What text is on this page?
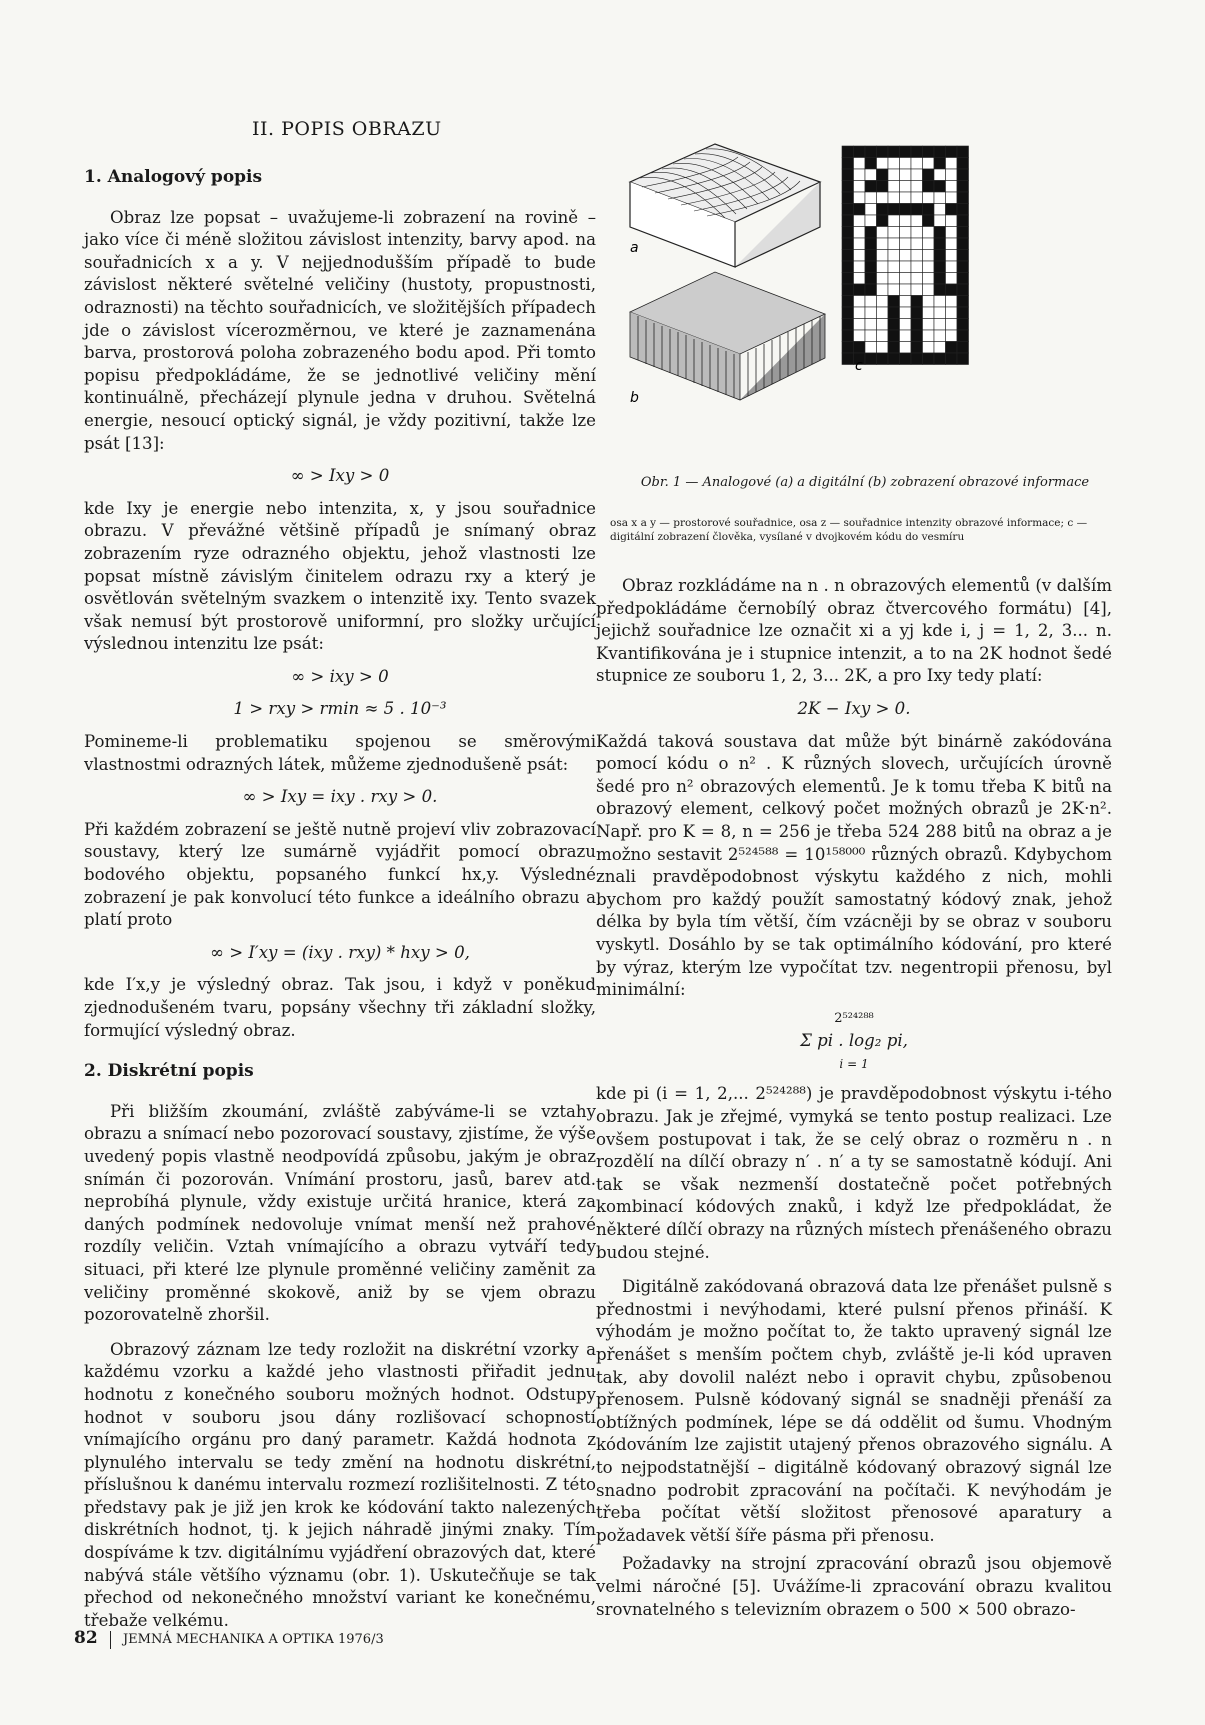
II. POPIS OBRAZU
1. Analogový popis

Obraz lze popsat – uvažujeme-li zobrazení na rovině – jako více či méně složitou závislost intenzity, barvy apod. na souřadnicích x a y. V nejjednodušším případě to bude závislost některé světelné veličiny (hustoty, propustnosti, odraznosti) na těchto souřadnicích, ve složitějších případech jde o závislost vícerozměrnou, ve které je zaznamenána barva, prostorová poloha zobrazeného bodu apod. Při tomto popisu předpokládáme, že se jednotlivé veličiny mění kontinuálně, přecházejí plynule jedna v druhou. Světelná energie, nesoucí optický signál, je vždy pozitivní, takže lze psát [13]:

∞ > Ixy > 0

kde Ixy je energie nebo intenzita, x, y jsou souřadnice obrazu. V převážné většině případů je snímaný obraz zobrazením ryze odrazného objektu, jehož vlastnosti lze popsat místně závislým činitelem odrazu rxy a který je osvětlován světelným svazkem o intenzitě ixy. Tento svazek však nemusí být prostorově uniformní, pro složky určující výslednou intenzitu lze psát:

∞ > ixy > 0
1 > rxy > rmin ≈ 5 . 10⁻³

Pomineme-li problematiku spojenou se směrovými vlastnostmi odrazných látek, můžeme zjednodušeně psát:

∞ > Ixy = ixy . rxy > 0.

Při každém zobrazení se ještě nutně projeví vliv zobrazovací soustavy, který lze sumárně vyjádřit pomocí obrazu bodového objektu, popsaného funkcí hx,y. Výsledné zobrazení je pak konvolucí této funkce a ideálního obrazu a platí proto

∞ > I′xy = (ixy . rxy) * hxy > 0,

kde I′x,y je výsledný obraz. Tak jsou, i když v poněkud zjednodušeném tvaru, popsány všechny tři základní složky, formující výsledný obraz.

2. Diskrétní popis

Při bližším zkoumání, zvláště zabýváme-li se vztahy obrazu a snímací nebo pozorovací soustavy, zjistíme, že výše uvedený popis vlastně neodpovídá způsobu, jakým je obraz snímán či pozorován. Vnímání prostoru, jasů, barev atd. neprobíhá plynule, vždy existuje určitá hranice, která za daných podmínek nedovoluje vnímat menší než prahové rozdíly veličin. Vztah vnímajícího a obrazu vytváří tedy situaci, při které lze plynule proměnné veličiny zaměnit za veličiny proměnné skokově, aniž by se vjem obrazu pozorovatelně zhoršil.

Obrazový záznam lze tedy rozložit na diskrétní vzorky a každému vzorku a každé jeho vlastnosti přiřadit jednu hodnotu z konečného souboru možných hodnot. Odstupy hodnot v souboru jsou dány rozlišovací schopností vnímajícího orgánu pro daný parametr. Každá hodnota z plynulého intervalu se tedy změní na hodnotu diskrétní, příslušnou k danému intervalu rozmezí rozlišitelnosti. Z této představy pak je již jen krok ke kódování takto nalezených diskrétních hodnot, tj. k jejich náhradě jinými znaky. Tím dospíváme k tzv. digitálnímu vyjádření obrazových dat, které nabývá stále většího významu (obr. 1). Uskutečňuje se tak přechod od nekonečného množství variant ke konečnému, třebaže velkému.

a
b
c
Obr. 1 — Analogové (a) a digitální (b) zobrazení obrazové informace
osa x a y — prostorové souřadnice, osa z — souřadnice intenzity obrazové informace; c — digitální zobrazení člověka, vysílané v dvojkovém kódu do vesmíru

Obraz rozkládáme na n . n obrazových elementů (v dalším předpokládáme černobílý obraz čtvercového formátu) [4], jejichž souřadnice lze označit xi a yj kde i, j = 1, 2, 3... n. Kvantifikována je i stupnice intenzit, a to na 2K hodnot šedé stupnice ze souboru 1, 2, 3... 2K, a pro Ixy tedy platí:

2K − Ixy > 0.

Každá taková soustava dat může být binárně zakódována pomocí kódu o n² . K různých slovech, určujících úrovně šedé pro n² obrazových elementů. Je k tomu třeba K bitů na obrazový element, celkový počet možných obrazů je 2K·n². Např. pro K = 8, n = 256 je třeba 524 288 bitů na obraz a je možno sestavit 2⁵²⁴⁵⁸⁸ = 10¹⁵⁸⁰⁰⁰ různých obrazů. Kdybychom znali pravděpodobnost výskytu každého z nich, mohli bychom pro každý použít samostatný kódový znak, jehož délka by byla tím větší, čím vzácněji by se obraz v souboru vyskytl. Dosáhlo by se tak optimálního kódování, pro které by výraz, kterým lze vypočítat tzv. negentropii přenosu, byl minimální:

2⁵²⁴²⁸⁸
Σ pi . log₂ pi,
i = 1

kde pi (i = 1, 2,... 2⁵²⁴²⁸⁸) je pravděpodobnost výskytu i-tého obrazu. Jak je zřejmé, vymyká se tento postup realizaci. Lze ovšem postupovat i tak, že se celý obraz o rozměru n . n rozdělí na dílčí obrazy n′ . n′ a ty se samostatně kódují. Ani tak se však nezmenší dostatečně počet potřebných kombinací kódových znaků, i když lze předpokládat, že některé dílčí obrazy na různých místech přenášeného obrazu budou stejné.

Digitálně zakódovaná obrazová data lze přenášet pulsně s přednostmi i nevýhodami, které pulsní přenos přináší. K výhodám je možno počítat to, že takto upravený signál lze přenášet s menším počtem chyb, zvláště je-li kód upraven tak, aby dovolil nalézt nebo i opravit chybu, způsobenou přenosem. Pulsně kódovaný signál se snadněji přenáší za obtížných podmínek, lépe se dá oddělit od šumu. Vhodným kódováním lze zajistit utajený přenos obrazového signálu. A to nejpodstatnější – digitálně kódovaný obrazový signál lze snadno podrobit zpracování na počítači. K nevýhodám je třeba počítat větší složitost přenosové aparatury a požadavek větší šíře pásma při přenosu.

Požadavky na strojní zpracování obrazů jsou objemově velmi náročné [5]. Uvážíme-li zpracování obrazu kvalitou srovnatelného s televizním obrazem o 500 × 500 obrazo-

82 JEMNÁ MECHANIKA A OPTIKA 1976/3
